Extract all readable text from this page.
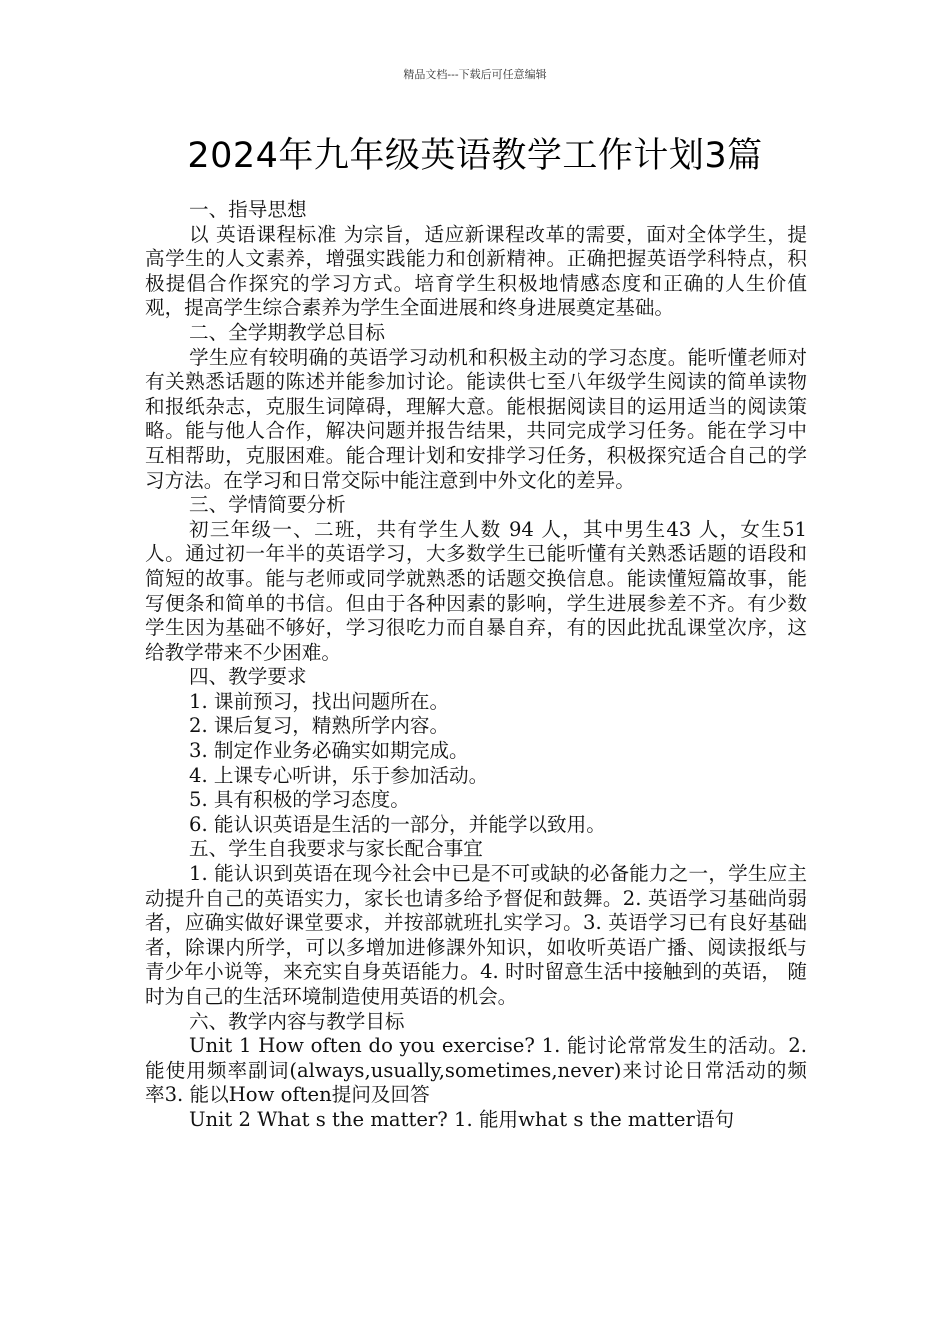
精品文档---下载后可任意编辑
2024年九年级英语教学工作计划3篇

一、指导思想

以 英语课程标准 为宗旨，适应新课程改革的需要，面对全体学生，提高学生的人文素养，增强实践能力和创新精神。正确把握英语学科特点，积极提倡合作探究的学习方式。培育学生积极地情感态度和正确的人生价值观，提高学生综合素养为学生全面进展和终身进展奠定基础。

二、全学期教学总目标

学生应有较明确的英语学习动机和积极主动的学习态度。能听懂老师对有关熟悉话题的陈述并能参加讨论。能读供七至八年级学生阅读的简单读物和报纸杂志，克服生词障碍，理解大意。能根据阅读目的运用适当的阅读策略。能与他人合作，解决问题并报告结果，共同完成学习任务。能在学习中互相帮助，克服困难。能合理计划和安排学习任务，积极探究适合自己的学习方法。在学习和日常交际中能注意到中外文化的差异。

三、学情简要分析

初三年级一、二班，共有学生人数 94 人，其中男生43 人，女生51人。通过初一年半的英语学习，大多数学生已能听懂有关熟悉话题的语段和简短的故事。能与老师或同学就熟悉的话题交换信息。能读懂短篇故事，能写便条和简单的书信。但由于各种因素的影响，学生进展参差不齐。有少数学生因为基础不够好，学习很吃力而自暴自弃，有的因此扰乱课堂次序，这给教学带来不少困难。

四、教学要求

1. 课前预习，找出问题所在。

2. 课后复习，精熟所学内容。

3. 制定作业务必确实如期完成。

4. 上课专心听讲，乐于参加活动。

5. 具有积极的学习态度。

6. 能认识英语是生活的一部分，并能学以致用。

五、学生自我要求与家长配合事宜

1. 能认识到英语在现今社会中已是不可或缺的必备能力之一，学生应主动提升自己的英语实力，家长也请多给予督促和鼓舞。2. 英语学习基础尚弱者，应确实做好课堂要求，并按部就班扎实学习。3. 英语学习已有良好基础者，除课内所学，可以多增加进修課外知识，如收听英语广播、阅读报纸与青少年小说等，来充实自身英语能力。4. 时时留意生活中接触到的英语， 随时为自己的生活环境制造使用英语的机会。

六、教学内容与教学目标

Unit 1 How often do you exercise? 1. 能讨论常常发生的活动。2. 能使用频率副词(always,usually,sometimes,never)来讨论日常活动的频率3. 能以How often提问及回答

Unit 2 What s the matter? 1. 能用what s the matter语句
